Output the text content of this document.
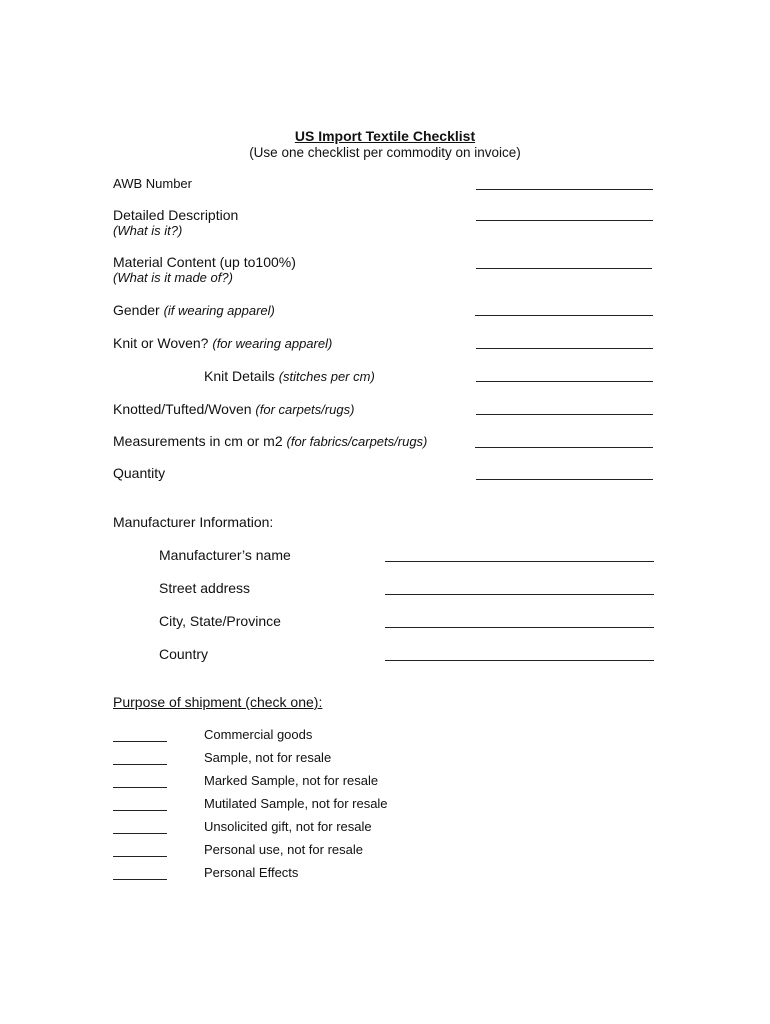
US Import Textile Checklist
(Use one checklist per commodity on invoice)
AWB Number
Detailed Description
(What is it?)
Material Content (up to100%)
(What is it made of?)
Gender (if wearing apparel)
Knit or Woven? (for wearing apparel)
Knit Details (stitches per cm)
Knotted/Tufted/Woven (for carpets/rugs)
Measurements in cm or m2 (for fabrics/carpets/rugs)
Quantity
Manufacturer Information:
Manufacturer’s name
Street address
City, State/Province
Country
Purpose of shipment (check one):
Commercial goods
Sample, not for resale
Marked Sample, not for resale
Mutilated Sample, not for resale
Unsolicited gift, not for resale
Personal use, not for resale
Personal Effects
